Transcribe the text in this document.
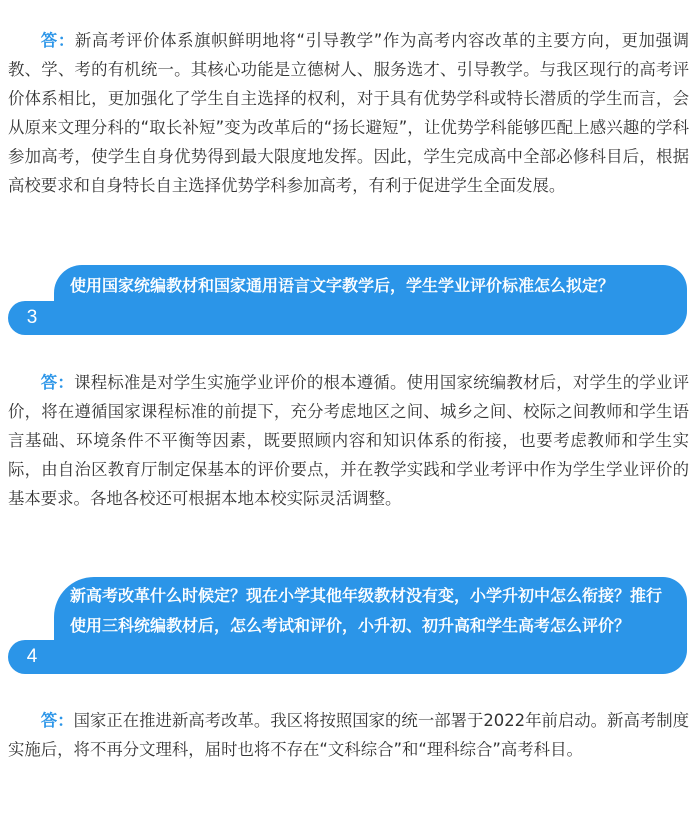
答：新高考评价体系旗帜鲜明地将“引导教学”作为高考内容改革的主要方向，更加强调教、学、考的有机统一。其核心功能是立德树人、服务选才、引导教学。与我区现行的高考评价体系相比，更加强化了学生自主选择的权利，对于具有优势学科或特长潜质的学生而言，会从原来文理分科的“取长补短”变为改革后的“扬长避短”，让优势学科能够匹配上感兴趣的学科参加高考，使学生自身优势得到最大限度地发挥。因此，学生完成高中全部必修科目后，根据高校要求和自身特长自主选择优势学科参加高考，有利于促进学生全面发展。

3
使用国家统编教材和国家通用语言文字教学后，学生学业评价标准怎么拟定？

答：课程标准是对学生实施学业评价的根本遵循。使用国家统编教材后，对学生的学业评价，将在遵循国家课程标准的前提下，充分考虑地区之间、城乡之间、校际之间教师和学生语言基础、环境条件不平衡等因素，既要照顾内容和知识体系的衔接，也要考虑教师和学生实际，由自治区教育厅制定保基本的评价要点，并在教学实践和学业考评中作为学生学业评价的基本要求。各地各校还可根据本地本校实际灵活调整。

4
新高考改革什么时候定？现在小学其他年级教材没有变，小学升初中怎么衔接？推行使用三科统编教材后，怎么考试和评价，小升初、初升高和学生高考怎么评价？

答：国家正在推进新高考改革。我区将按照国家的统一部署于2022年前启动。新高考制度实施后，将不再分文理科，届时也将不存在“文科综合”和“理科综合”高考科目。
